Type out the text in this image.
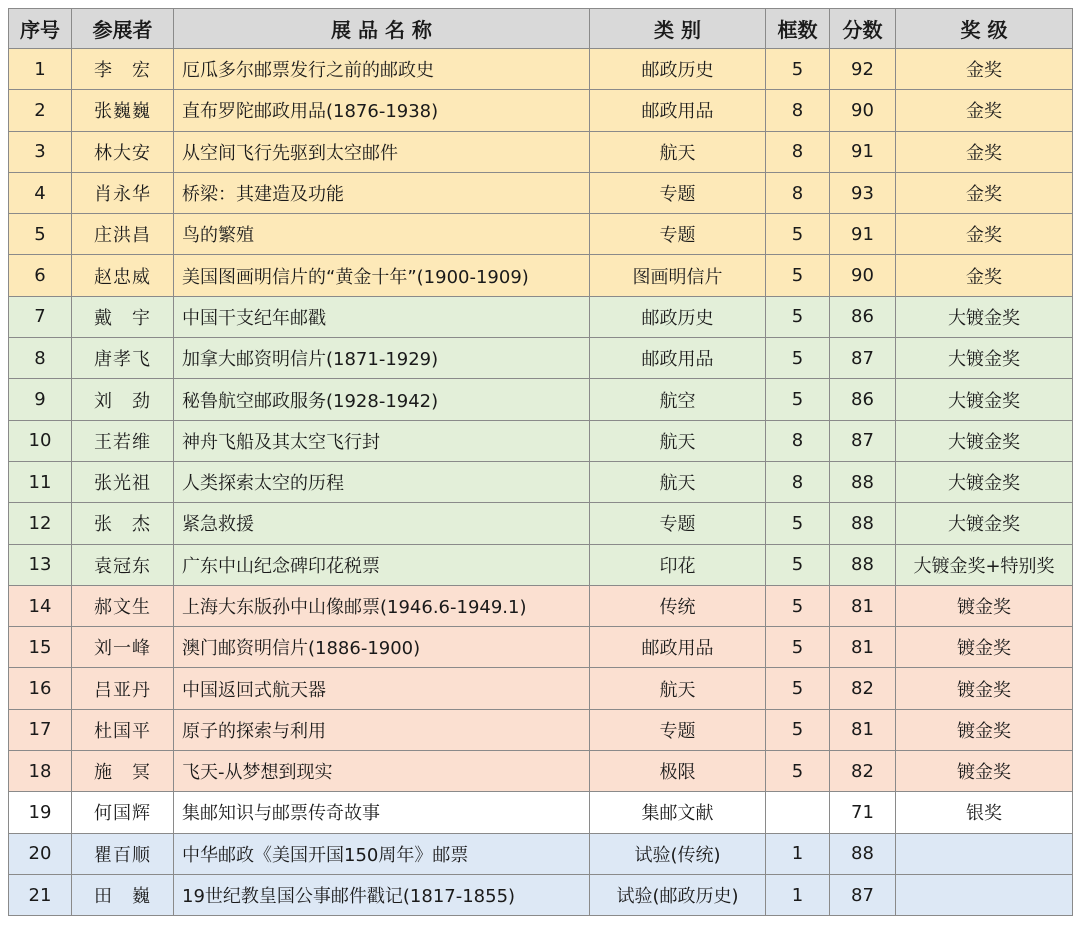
序号	参展者	展 品 名 称	类 别	框数	分数	奖 级
1	李　宏	厄瓜多尔邮票发行之前的邮政史	邮政历史	5	92	金奖
2	张巍巍	直布罗陀邮政用品(1876-1938)	邮政用品	8	90	金奖
3	林大安	从空间飞行先驱到太空邮件	航天	8	91	金奖
4	肖永华	桥梁：其建造及功能	专题	8	93	金奖
5	庄洪昌	鸟的繁殖	专题	5	91	金奖
6	赵忠威	美国图画明信片的“黄金十年”(1900-1909)	图画明信片	5	90	金奖
7	戴　宇	中国干支纪年邮戳	邮政历史	5	86	大镀金奖
8	唐孝飞	加拿大邮资明信片(1871-1929)	邮政用品	5	87	大镀金奖
9	刘　劲	秘鲁航空邮政服务(1928-1942)	航空	5	86	大镀金奖
10	王若维	神舟飞船及其太空飞行封	航天	8	87	大镀金奖
11	张光祖	人类探索太空的历程	航天	8	88	大镀金奖
12	张　杰	紧急救援	专题	5	88	大镀金奖
13	袁冠东	广东中山纪念碑印花税票	印花	5	88	大镀金奖+特别奖
14	郝文生	上海大东版孙中山像邮票(1946.6-1949.1)	传统	5	81	镀金奖
15	刘一峰	澳门邮资明信片(1886-1900)	邮政用品	5	81	镀金奖
16	吕亚丹	中国返回式航天器	航天	5	82	镀金奖
17	杜国平	原子的探索与利用	专题	5	81	镀金奖
18	施　冥	飞天-从梦想到现实	极限	5	82	镀金奖
19	何国辉	集邮知识与邮票传奇故事	集邮文献		71	银奖
20	瞿百顺	中华邮政《美国开国150周年》邮票	试验(传统)	1	88	
21	田　巍	19世纪教皇国公事邮件戳记(1817-1855)	试验(邮政历史)	1	87	
